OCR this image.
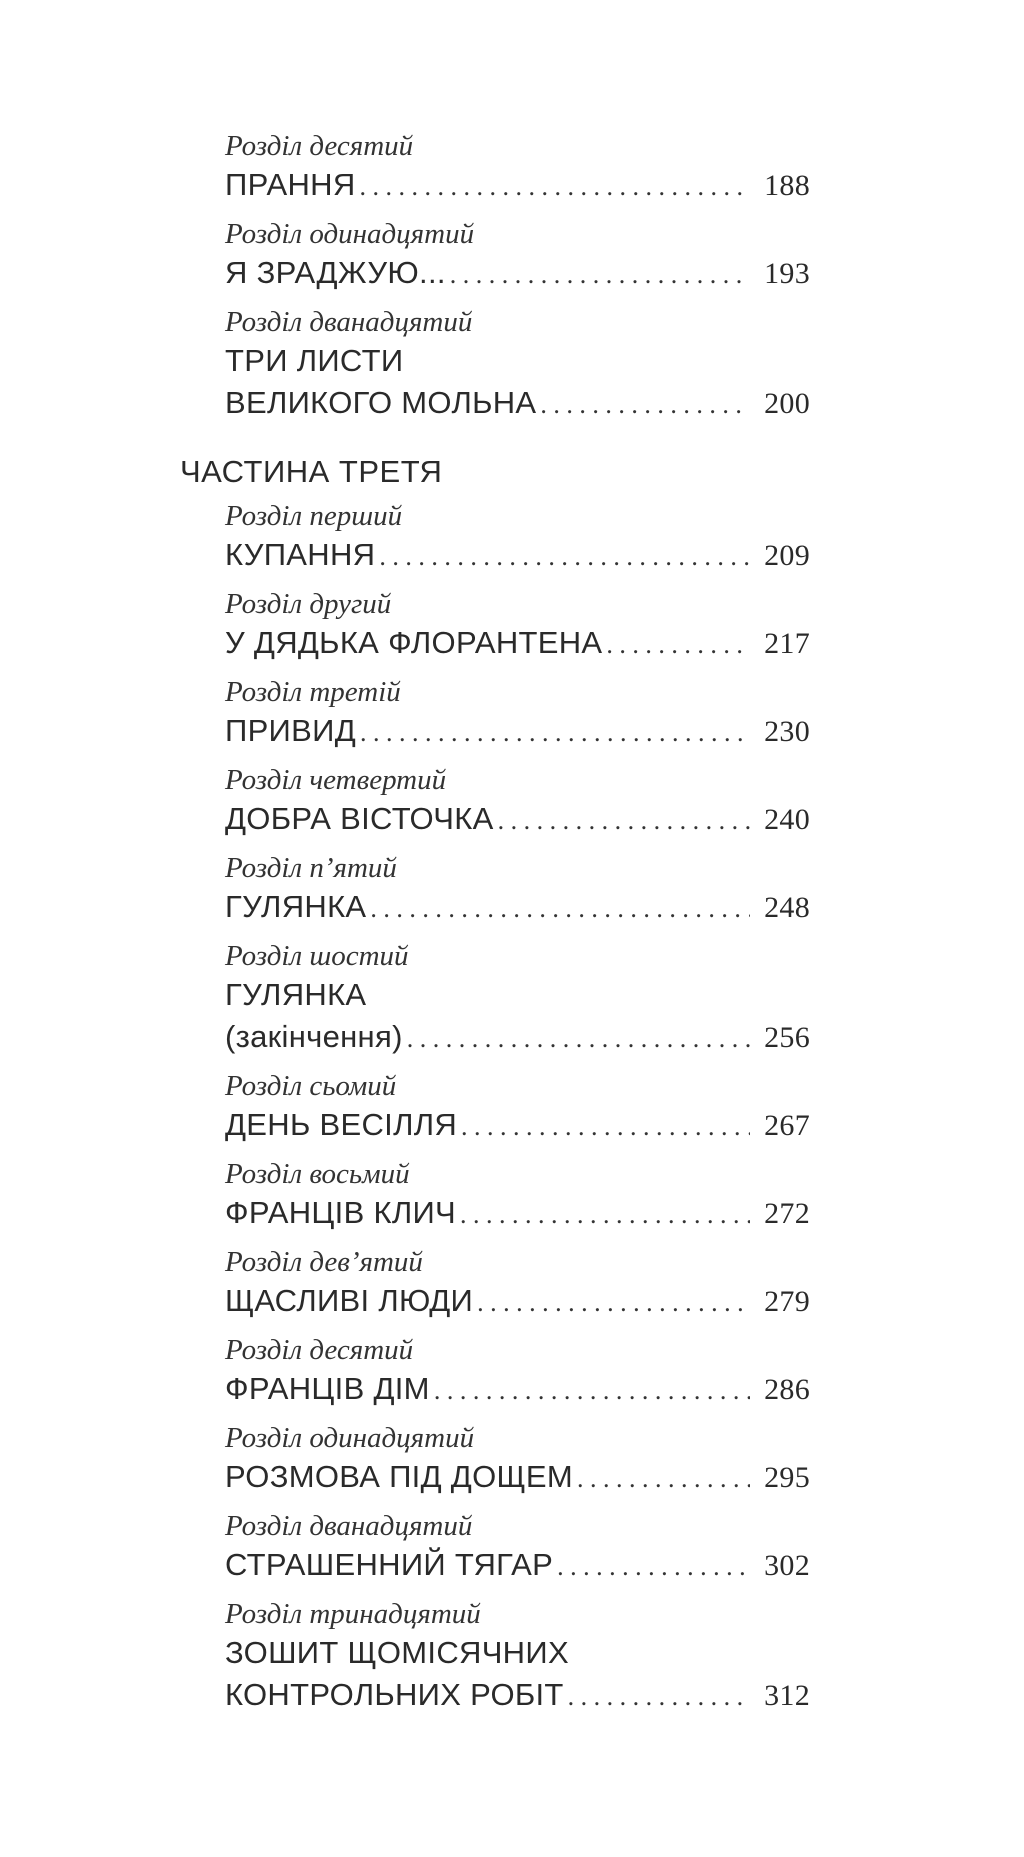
Розділ десятий
ПРАННЯ . . .	188
Розділ одинадцятий
Я ЗРАДЖУЮ... . . .	193
Розділ дванадцятий
ТРИ ЛИСТИ
ВЕЛИКОГО МОЛЬНА . . .	200
ЧАСТИНА ТРЕТЯ
Розділ перший
КУПАННЯ . . .	209
Розділ другий
У ДЯДЬКА ФЛОРАНТЕНА . . .	217
Розділ третій
ПРИВИД . . .	230
Розділ четвертий
ДОБРА ВІСТОЧКА . . .	240
Розділ п’ятий
ГУЛЯНКА . . .	248
Розділ шостий
ГУЛЯНКА
(закінчення) . . .	256
Розділ сьомий
ДЕНЬ ВЕСІЛЛЯ . . .	267
Розділ восьмий
ФРАНЦІВ КЛИЧ . . .	272
Розділ дев’ятий
ЩАСЛИВІ ЛЮДИ . . .	279
Розділ десятий
ФРАНЦІВ ДІМ . . .	286
Розділ одинадцятий
РОЗМОВА ПІД ДОЩЕМ . . .	295
Розділ дванадцятий
СТРАШЕННИЙ ТЯГАР . . .	302
Розділ тринадцятий
ЗОШИТ ЩОМІСЯЧНИХ
КОНТРОЛЬНИХ РОБІТ . . .	312
